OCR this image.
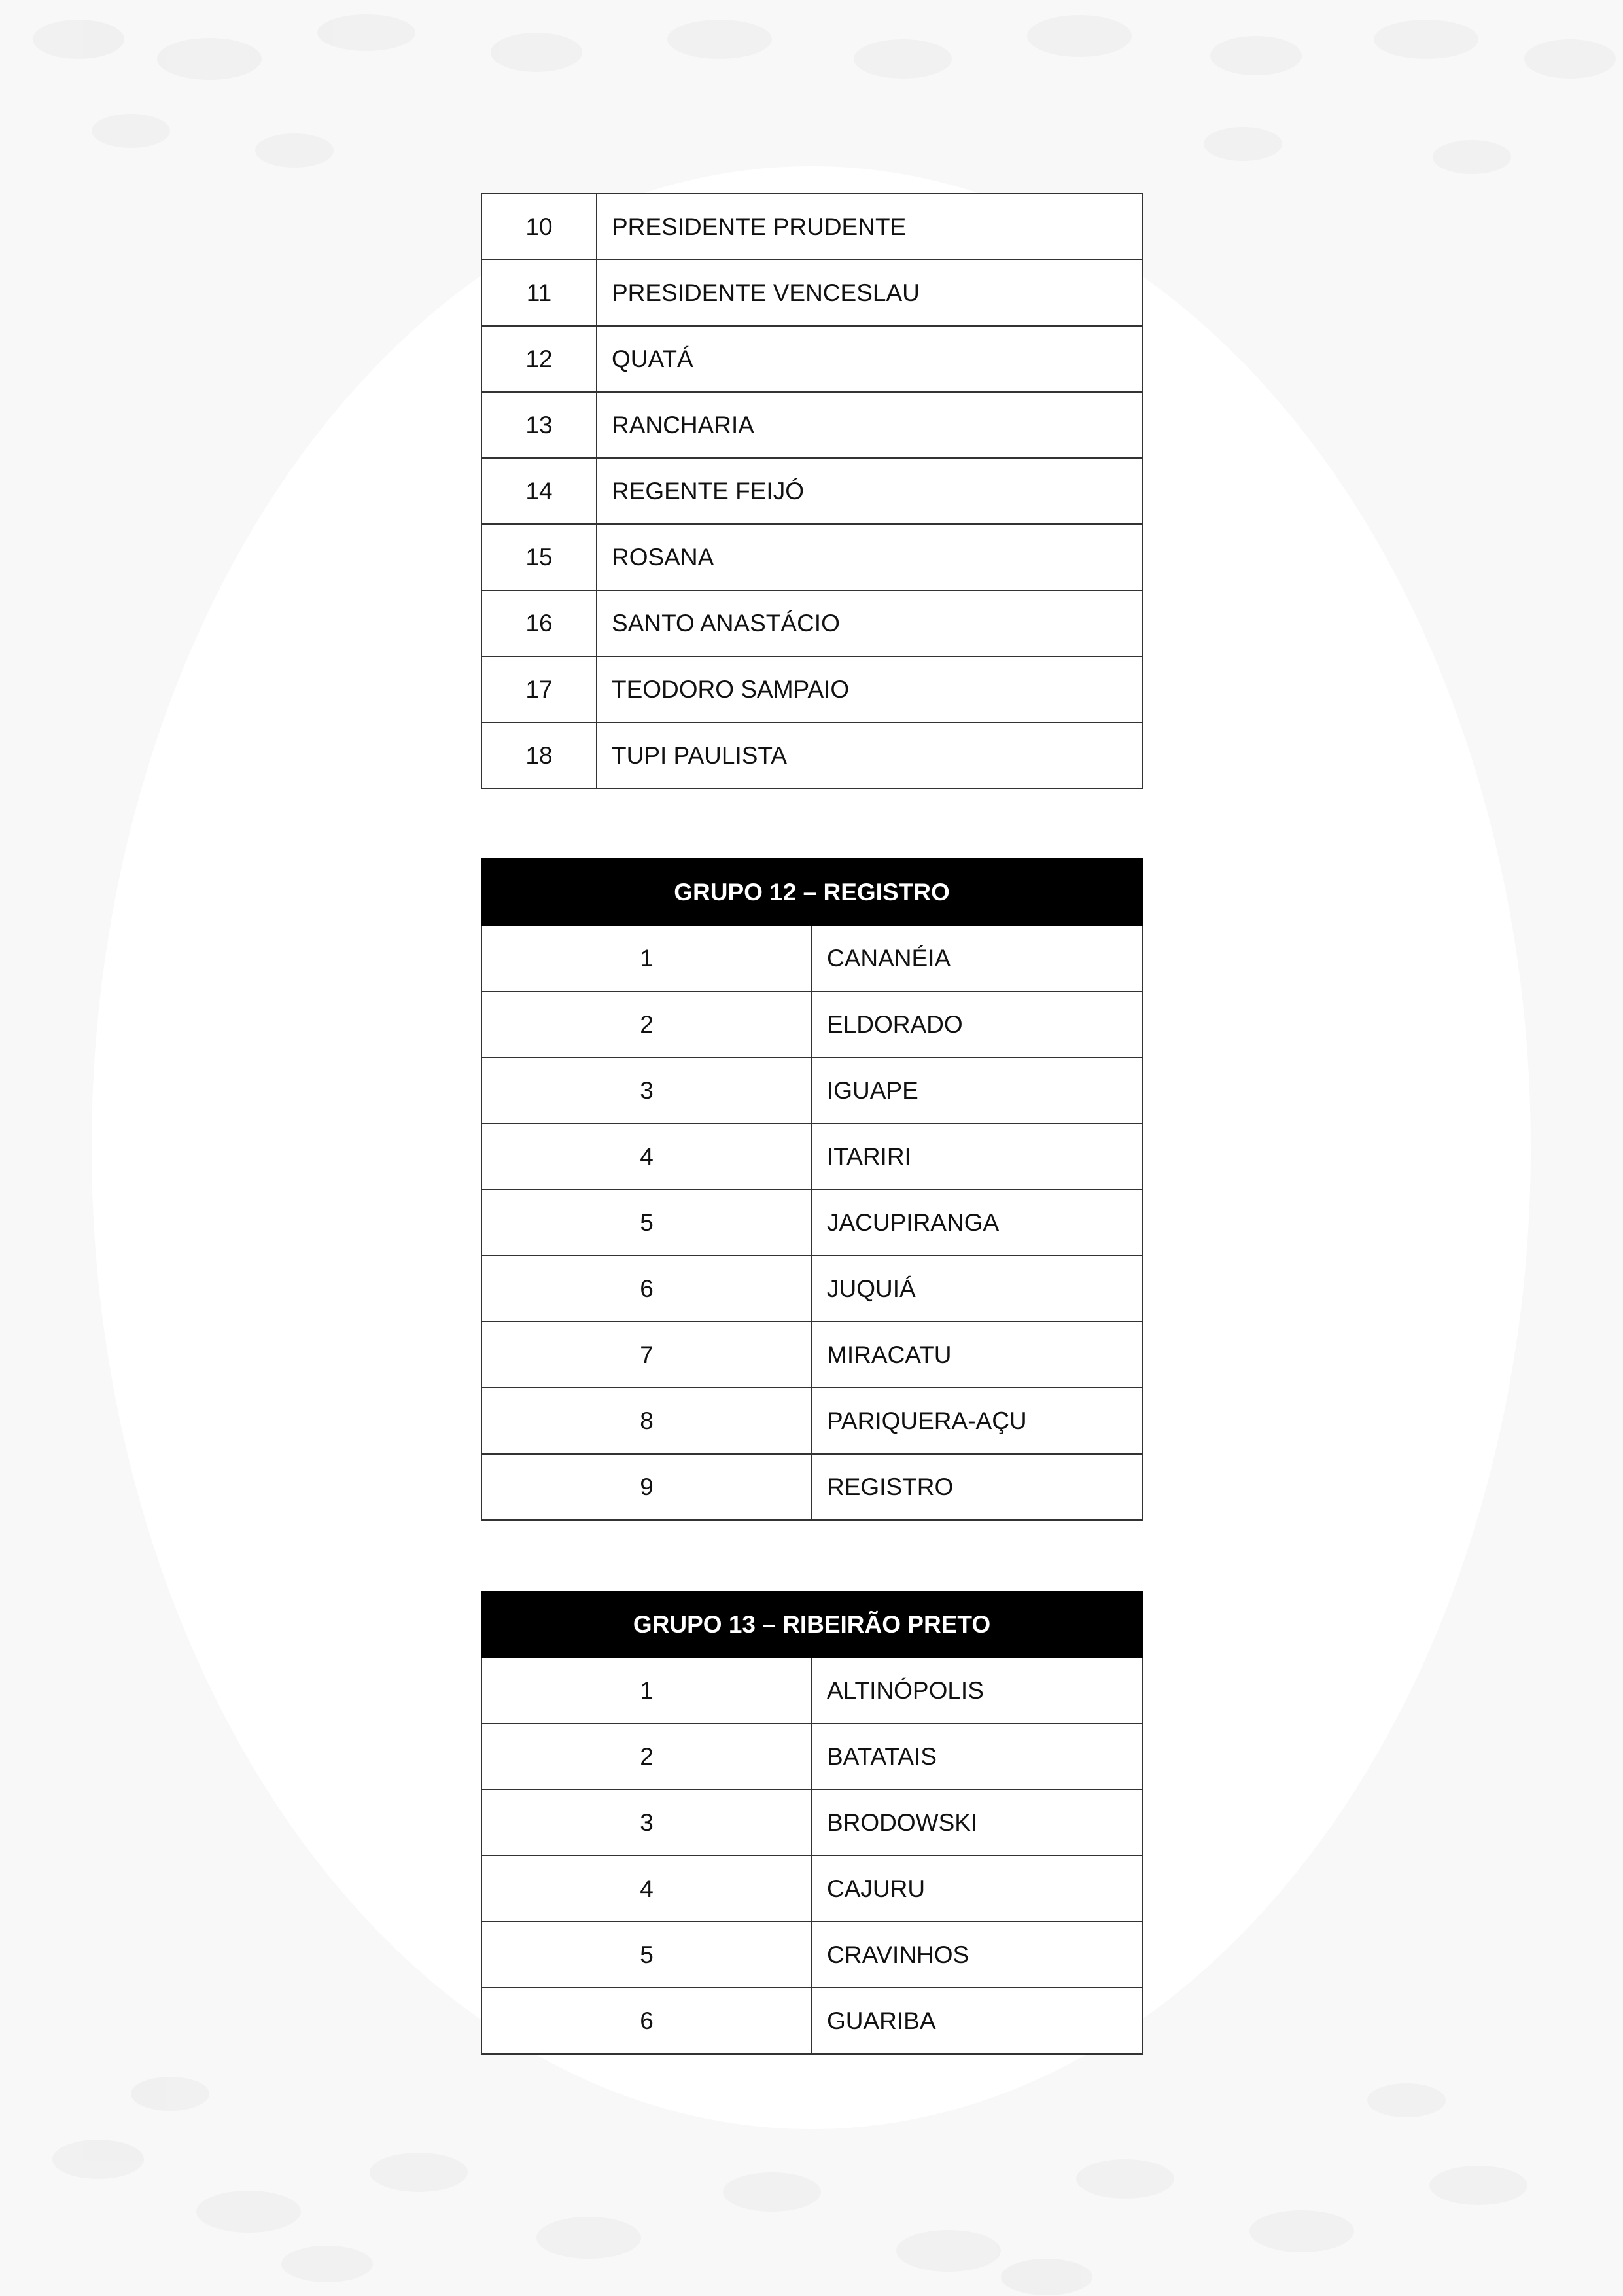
10	PRESIDENTE PRUDENTE
11	PRESIDENTE VENCESLAU
12	QUATÁ
13	RANCHARIA
14	REGENTE FEIJÓ
15	ROSANA
16	SANTO ANASTÁCIO
17	TEODORO SAMPAIO
18	TUPI PAULISTA
GRUPO 12 – REGISTRO	
1	CANANÉIA
2	ELDORADO
3	IGUAPE
4	ITARIRI
5	JACUPIRANGA
6	JUQUIÁ
7	MIRACATU
8	PARIQUERA-AÇU
9	REGISTRO
GRUPO 13 – RIBEIRÃO PRETO	
1	ALTINÓPOLIS
2	BATATAIS
3	BRODOWSKI
4	CAJURU
5	CRAVINHOS
6	GUARIBA
